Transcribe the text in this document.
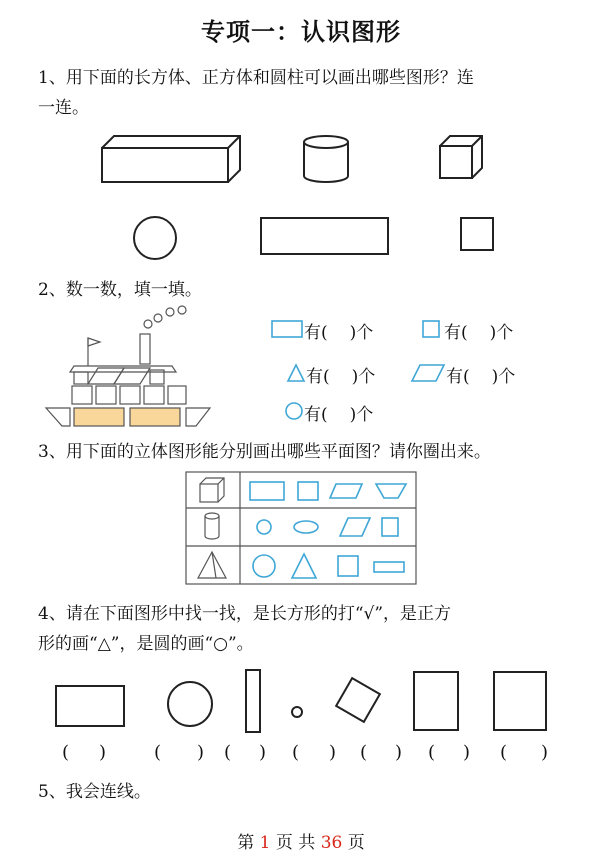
专项一：认识图形
1、用下面的长方体、正方体和圆柱可以画出哪些图形？连
一连。
2、数一数，填一填。
有( )个	有( )个
有( )个	有( )个
有( )个
3、用下面的立体图形能分别画出哪些平面图？请你圈出来。
4、请在下面图形中找一找，是长方形的打“√”，是正方
形的画“△”，是圆的画“○”。
( )	( ) ( ) ( ) ( ) ( ) ( )
5、我会连线。
第 1 页 共 36 页
